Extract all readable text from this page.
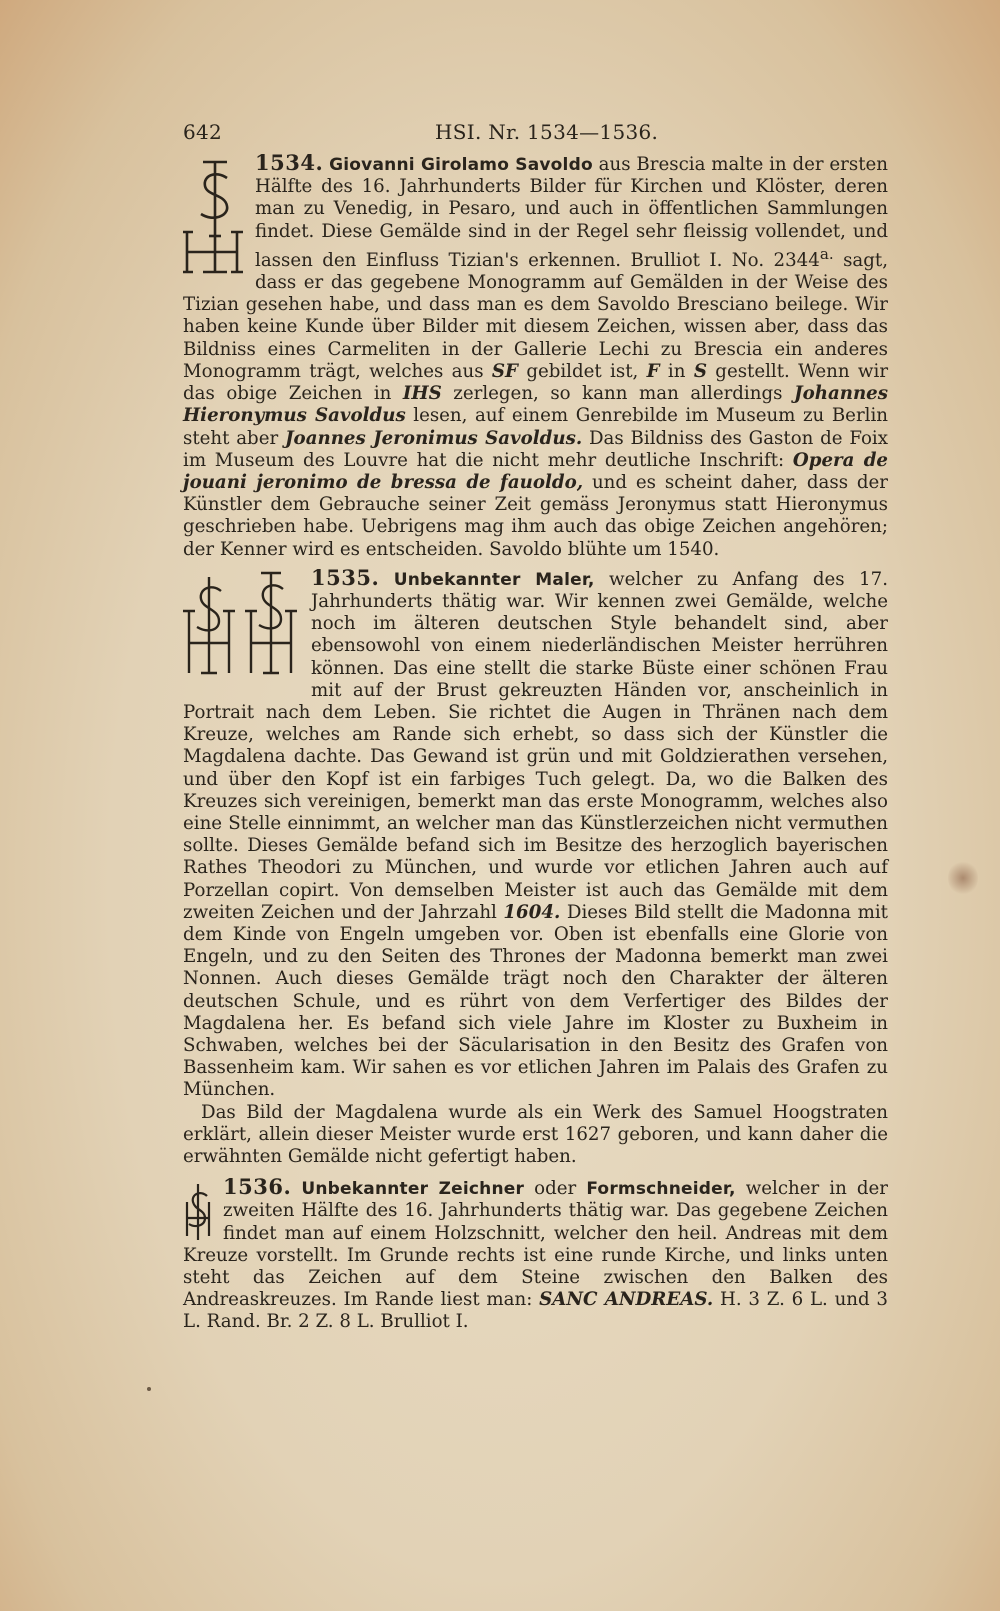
642	HSI. Nr. 1534—1536.

1534. Giovanni Girolamo Savoldo aus Brescia malte in der ersten Hälfte des 16. Jahrhunderts Bilder für Kirchen und Klöster, deren man zu Venedig, in Pesaro, und auch in öffentlichen Sammlungen findet. Diese Gemälde sind in der Regel sehr fleissig vollendet, und lassen den Einfluss Tizian's erkennen. Brulliot I. No. $2344^{a.}$ sagt, dass er das gegebene Monogramm auf Gemälden in der Weise des Tizian gesehen habe, und dass man es dem Savoldo Bresciano beilege. Wir haben keine Kunde über Bilder mit diesem Zeichen, wissen aber, dass das Bildniss eines Carmeliten in der Gallerie Lechi zu Brescia ein anderes Monogramm trägt, welches aus SF gebildet ist, F in S gestellt. Wenn wir das obige Zeichen in IHS zerlegen, so kann man allerdings Johannes Hieronymus Savoldus lesen, auf einem Genrebilde im Museum zu Berlin steht aber Joannes Jeronimus Savoldus. Das Bildniss des Gaston de Foix im Museum des Louvre hat die nicht mehr deutliche Inschrift: Opera de jouani jeronimo de bressa de fauoldo, und es scheint daher, dass der Künstler dem Gebrauche seiner Zeit gemäss Jeronymus statt Hieronymus geschrieben habe. Uebrigens mag ihm auch das obige Zeichen angehören; der Kenner wird es entscheiden. Savoldo blühte um 1540.

1535. Unbekannter Maler, welcher zu Anfang des 17. Jahrhunderts thätig war. Wir kennen zwei Gemälde, welche noch im älteren deutschen Style behandelt sind, aber ebensowohl von einem niederländischen Meister herrühren können. Das eine stellt die starke Büste einer schönen Frau mit auf der Brust gekreuzten Händen vor, anscheinlich in Portrait nach dem Leben. Sie richtet die Augen in Thränen nach dem Kreuze, welches am Rande sich erhebt, so dass sich der Künstler die Magdalena dachte. Das Gewand ist grün und mit Goldzierathen versehen, und über den Kopf ist ein farbiges Tuch gelegt. Da, wo die Balken des Kreuzes sich vereinigen, bemerkt man das erste Monogramm, welches also eine Stelle einnimmt, an welcher man das Künstlerzeichen nicht vermuthen sollte. Dieses Gemälde befand sich im Besitze des herzoglich bayerischen Rathes Theodori zu München, und wurde vor etlichen Jahren auch auf Porzellan copirt. Von demselben Meister ist auch das Gemälde mit dem zweiten Zeichen und der Jahrzahl 1604. Dieses Bild stellt die Madonna mit dem Kinde von Engeln umgeben vor. Oben ist ebenfalls eine Glorie von Engeln, und zu den Seiten des Thrones der Madonna bemerkt man zwei Nonnen. Auch dieses Gemälde trägt noch den Charakter der älteren deutschen Schule, und es rührt von dem Verfertiger des Bildes der Magdalena her. Es befand sich viele Jahre im Kloster zu Buxheim in Schwaben, welches bei der Säcularisation in den Besitz des Grafen von Bassenheim kam. Wir sahen es vor etlichen Jahren im Palais des Grafen zu München.

Das Bild der Magdalena wurde als ein Werk des Samuel Hoogstraten erklärt, allein dieser Meister wurde erst 1627 geboren, und kann daher die erwähnten Gemälde nicht gefertigt haben.

1536. Unbekannter Zeichner oder Formschneider, welcher in der zweiten Hälfte des 16. Jahrhunderts thätig war. Das gegebene Zeichen findet man auf einem Holzschnitt, welcher den heil. Andreas mit dem Kreuze vorstellt. Im Grunde rechts ist eine runde Kirche, und links unten steht das Zeichen auf dem Steine zwischen den Balken des Andreaskreuzes. Im Rande liest man: SANC ANDREAS. H. 3 Z. 6 L. und 3 L. Rand. Br. 2 Z. 8 L. Brulliot I.
